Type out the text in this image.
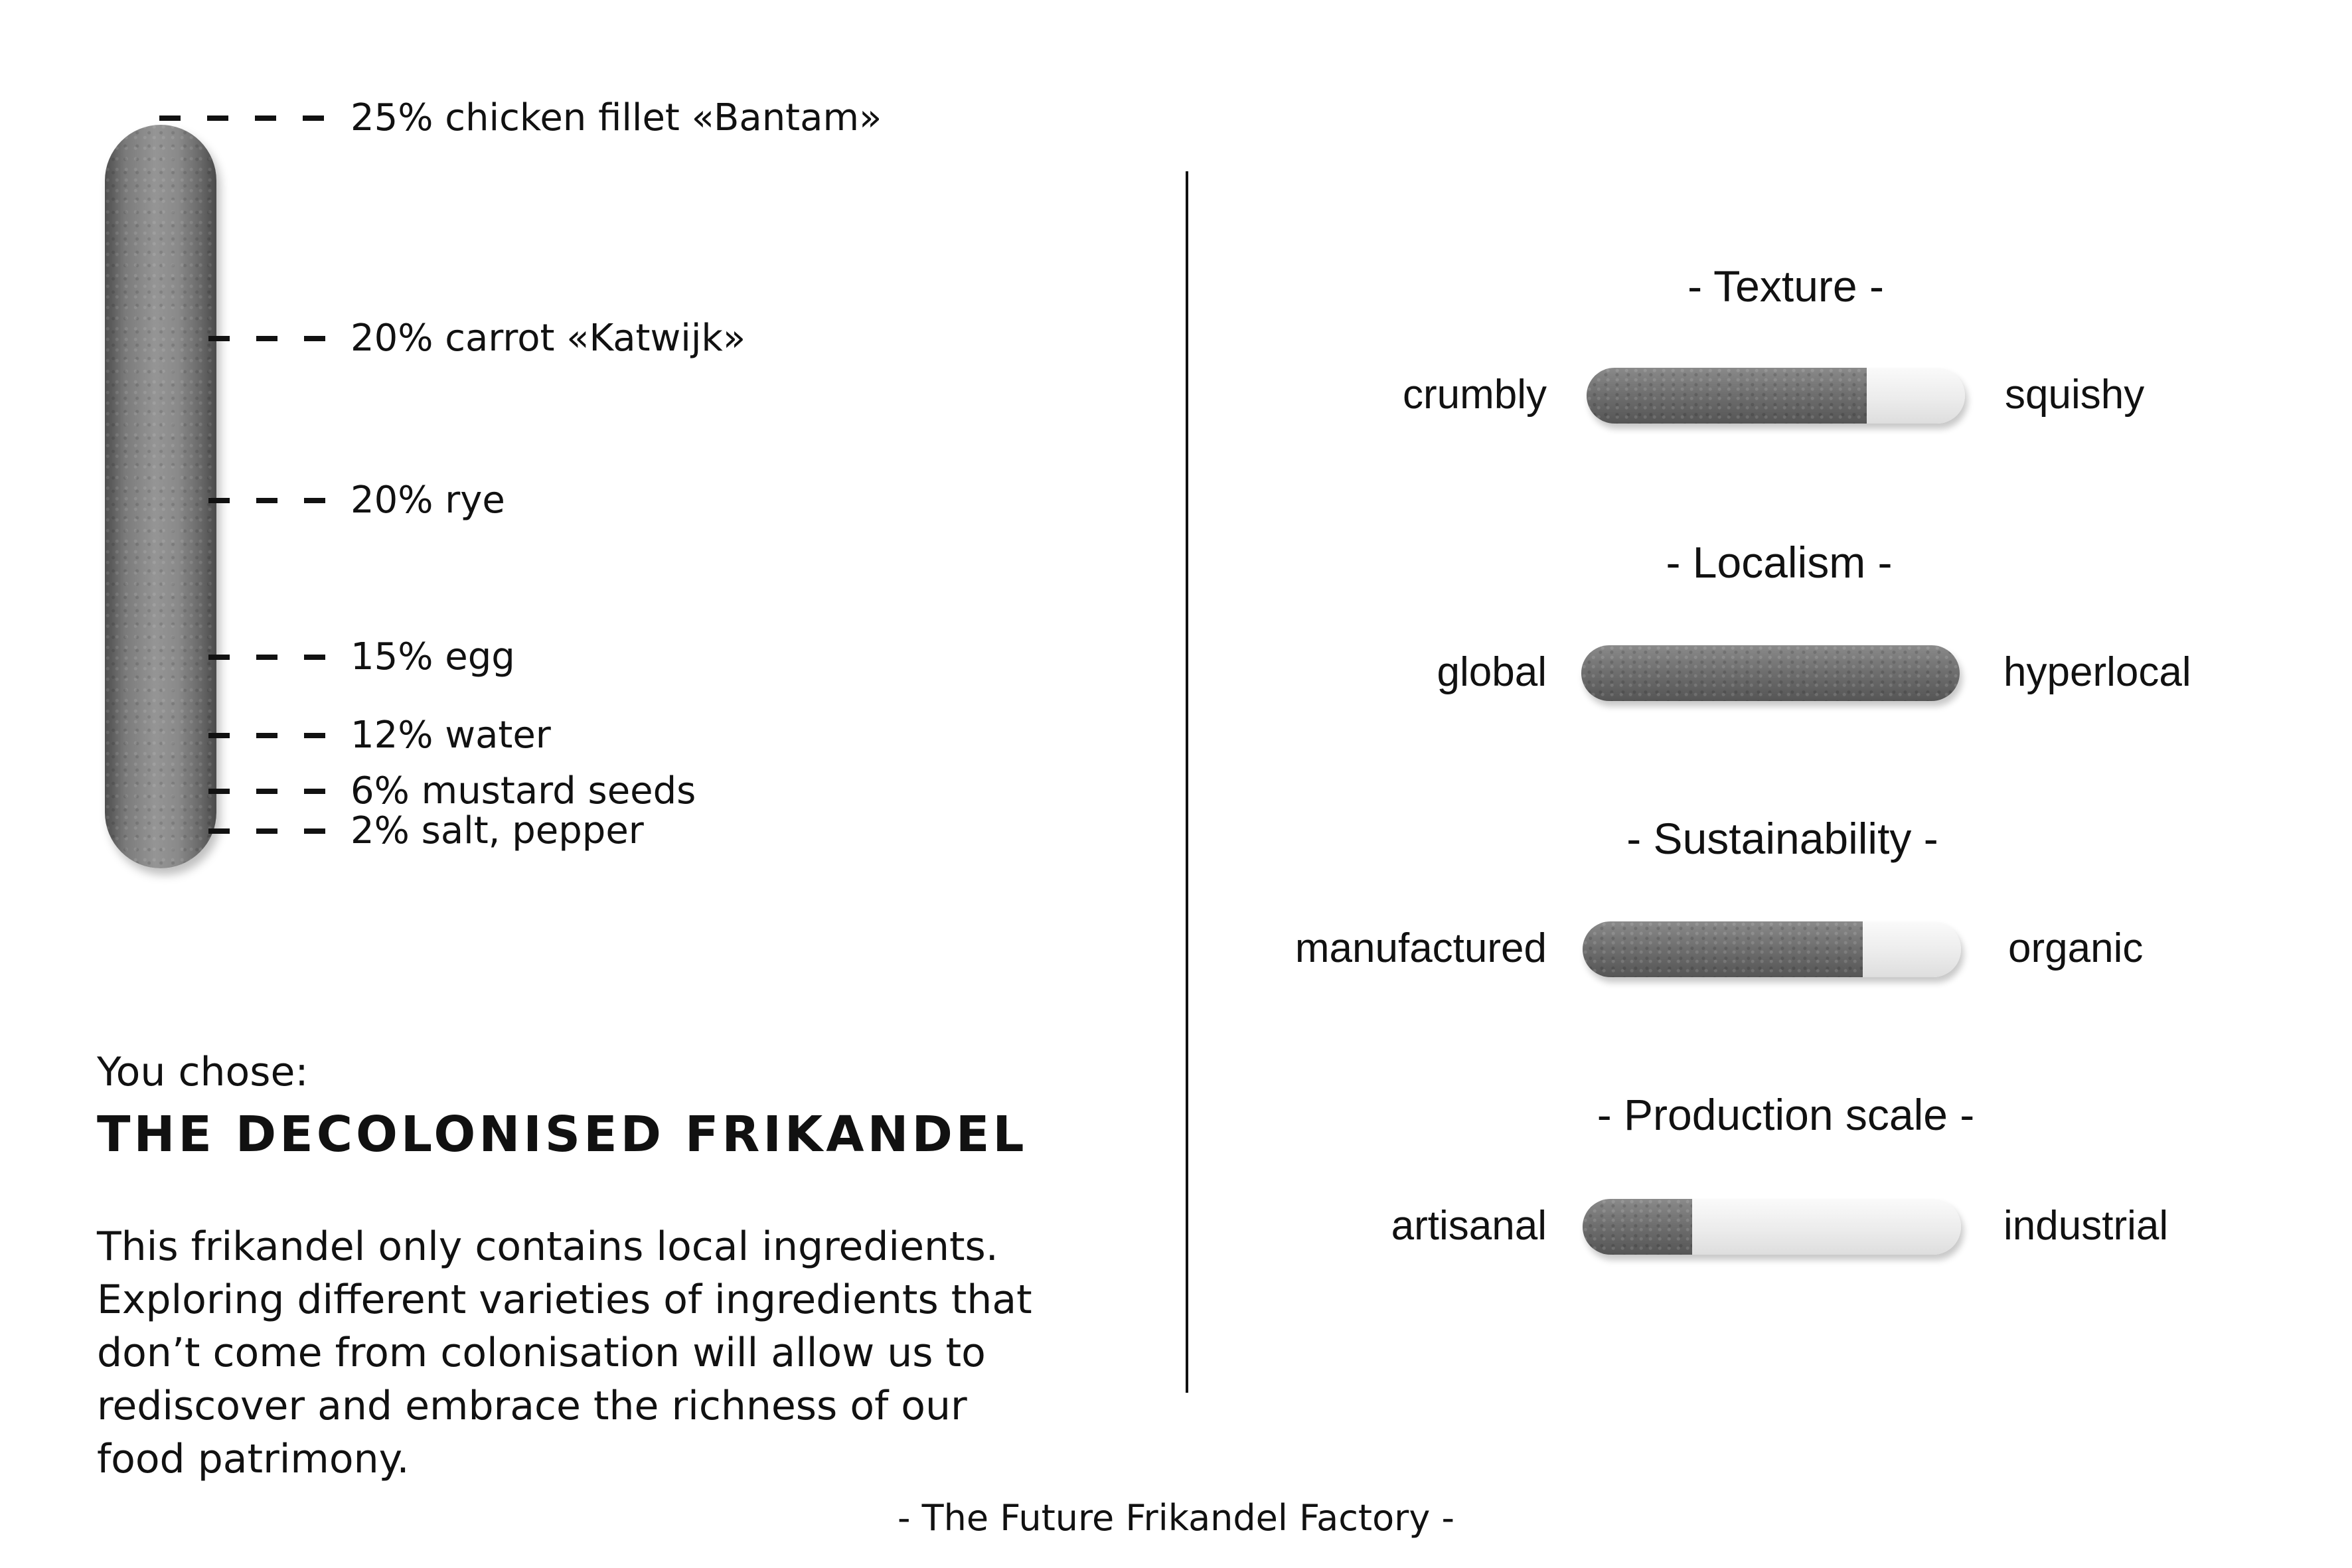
25% chicken fillet «Bantam»
20% carrot «Katwijk»
20% rye
15% egg
12% water
6% mustard seeds
2% salt, pepper
You chose:
THE DECOLONISED FRIKANDEL
This frikandel only contains local ingredients. Exploring different varieties of ingredients that don’t come from colonisation will allow us to rediscover and embrace the richness of our food patrimony.
- Texture -
crumbly	squishy
- Localism -
global	hyperlocal
- Sustainability -
manufactured	organic
- Production scale -
artisanal	industrial
- The Future Frikandel Factory -
